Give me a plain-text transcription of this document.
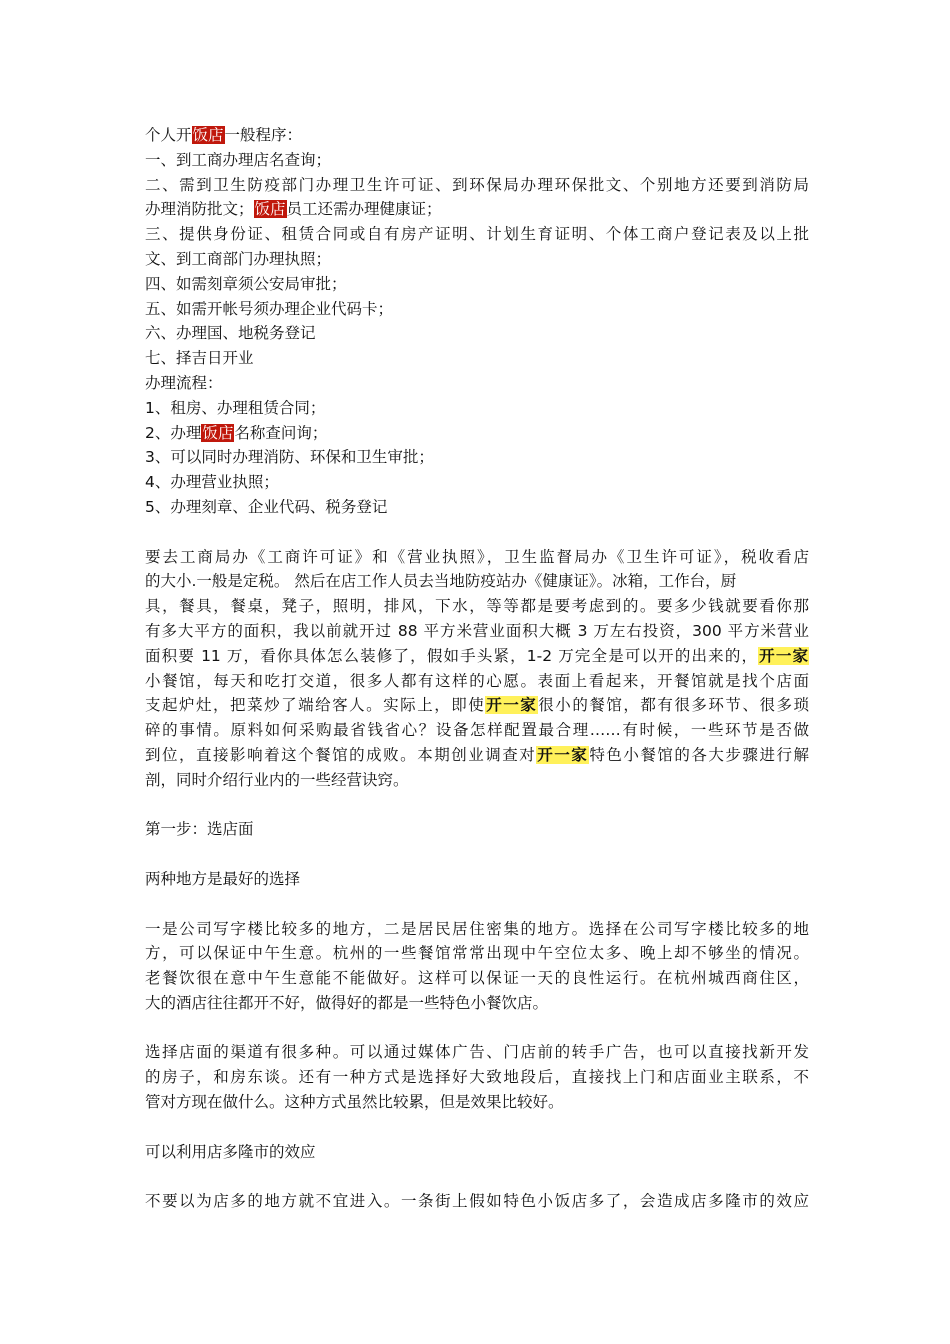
个人开饭店一般程序：
一、到工商办理店名查询；
二、需到卫生防疫部门办理卫生许可证、到环保局办理环保批文、个别地方还要到消防局
办理消防批文；饭店员工还需办理健康证；
三、提供身份证、租赁合同或自有房产证明、计划生育证明、个体工商户登记表及以上批
文、到工商部门办理执照；
四、如需刻章须公安局审批；
五、如需开帐号须办理企业代码卡；
六、办理国、地税务登记
七、择吉日开业
办理流程：
1、租房、办理租赁合同；
2、办理饭店名称查问询；
3、可以同时办理消防、环保和卫生审批；
4、办理营业执照；
5、办理刻章、企业代码、税务登记
要去工商局办《工商许可证》和《营业执照》，卫生监督局办《卫生许可证》，税收看店
的大小.一般是定税。 然后在店工作人员去当地防疫站办《健康证》。冰箱，工作台，厨
具，餐具，餐桌，凳子，照明，排风，下水，等等都是要考虑到的。要多少钱就要看你那
有多大平方的面积，我以前就开过 88 平方米营业面积大概 3 万左右投资，300 平方米营业
面积要 11 万，看你具体怎么装修了，假如手头紧，1-2 万完全是可以开的出来的，开一家
小餐馆，每天和吃打交道，很多人都有这样的心愿。表面上看起来，开餐馆就是找个店面
支起炉灶，把菜炒了端给客人。实际上，即使开一家很小的餐馆，都有很多环节、很多琐
碎的事情。原料如何采购最省钱省心？设备怎样配置最合理……有时候，一些环节是否做
到位，直接影响着这个餐馆的成败。本期创业调查对开一家特色小餐馆的各大步骤进行解
剖，同时介绍行业内的一些经营诀窍。
第一步：选店面
两种地方是最好的选择
一是公司写字楼比较多的地方，二是居民居住密集的地方。选择在公司写字楼比较多的地
方，可以保证中午生意。杭州的一些餐馆常常出现中午空位太多、晚上却不够坐的情况。
老餐饮很在意中午生意能不能做好。这样可以保证一天的良性运行。在杭州城西商住区，
大的酒店往往都开不好，做得好的都是一些特色小餐饮店。
选择店面的渠道有很多种。可以通过媒体广告、门店前的转手广告，也可以直接找新开发
的房子，和房东谈。还有一种方式是选择好大致地段后，直接找上门和店面业主联系，不
管对方现在做什么。这种方式虽然比较累，但是效果比较好。
可以利用店多隆市的效应
不要以为店多的地方就不宜进入。一条街上假如特色小饭店多了，会造成店多隆市的效应
